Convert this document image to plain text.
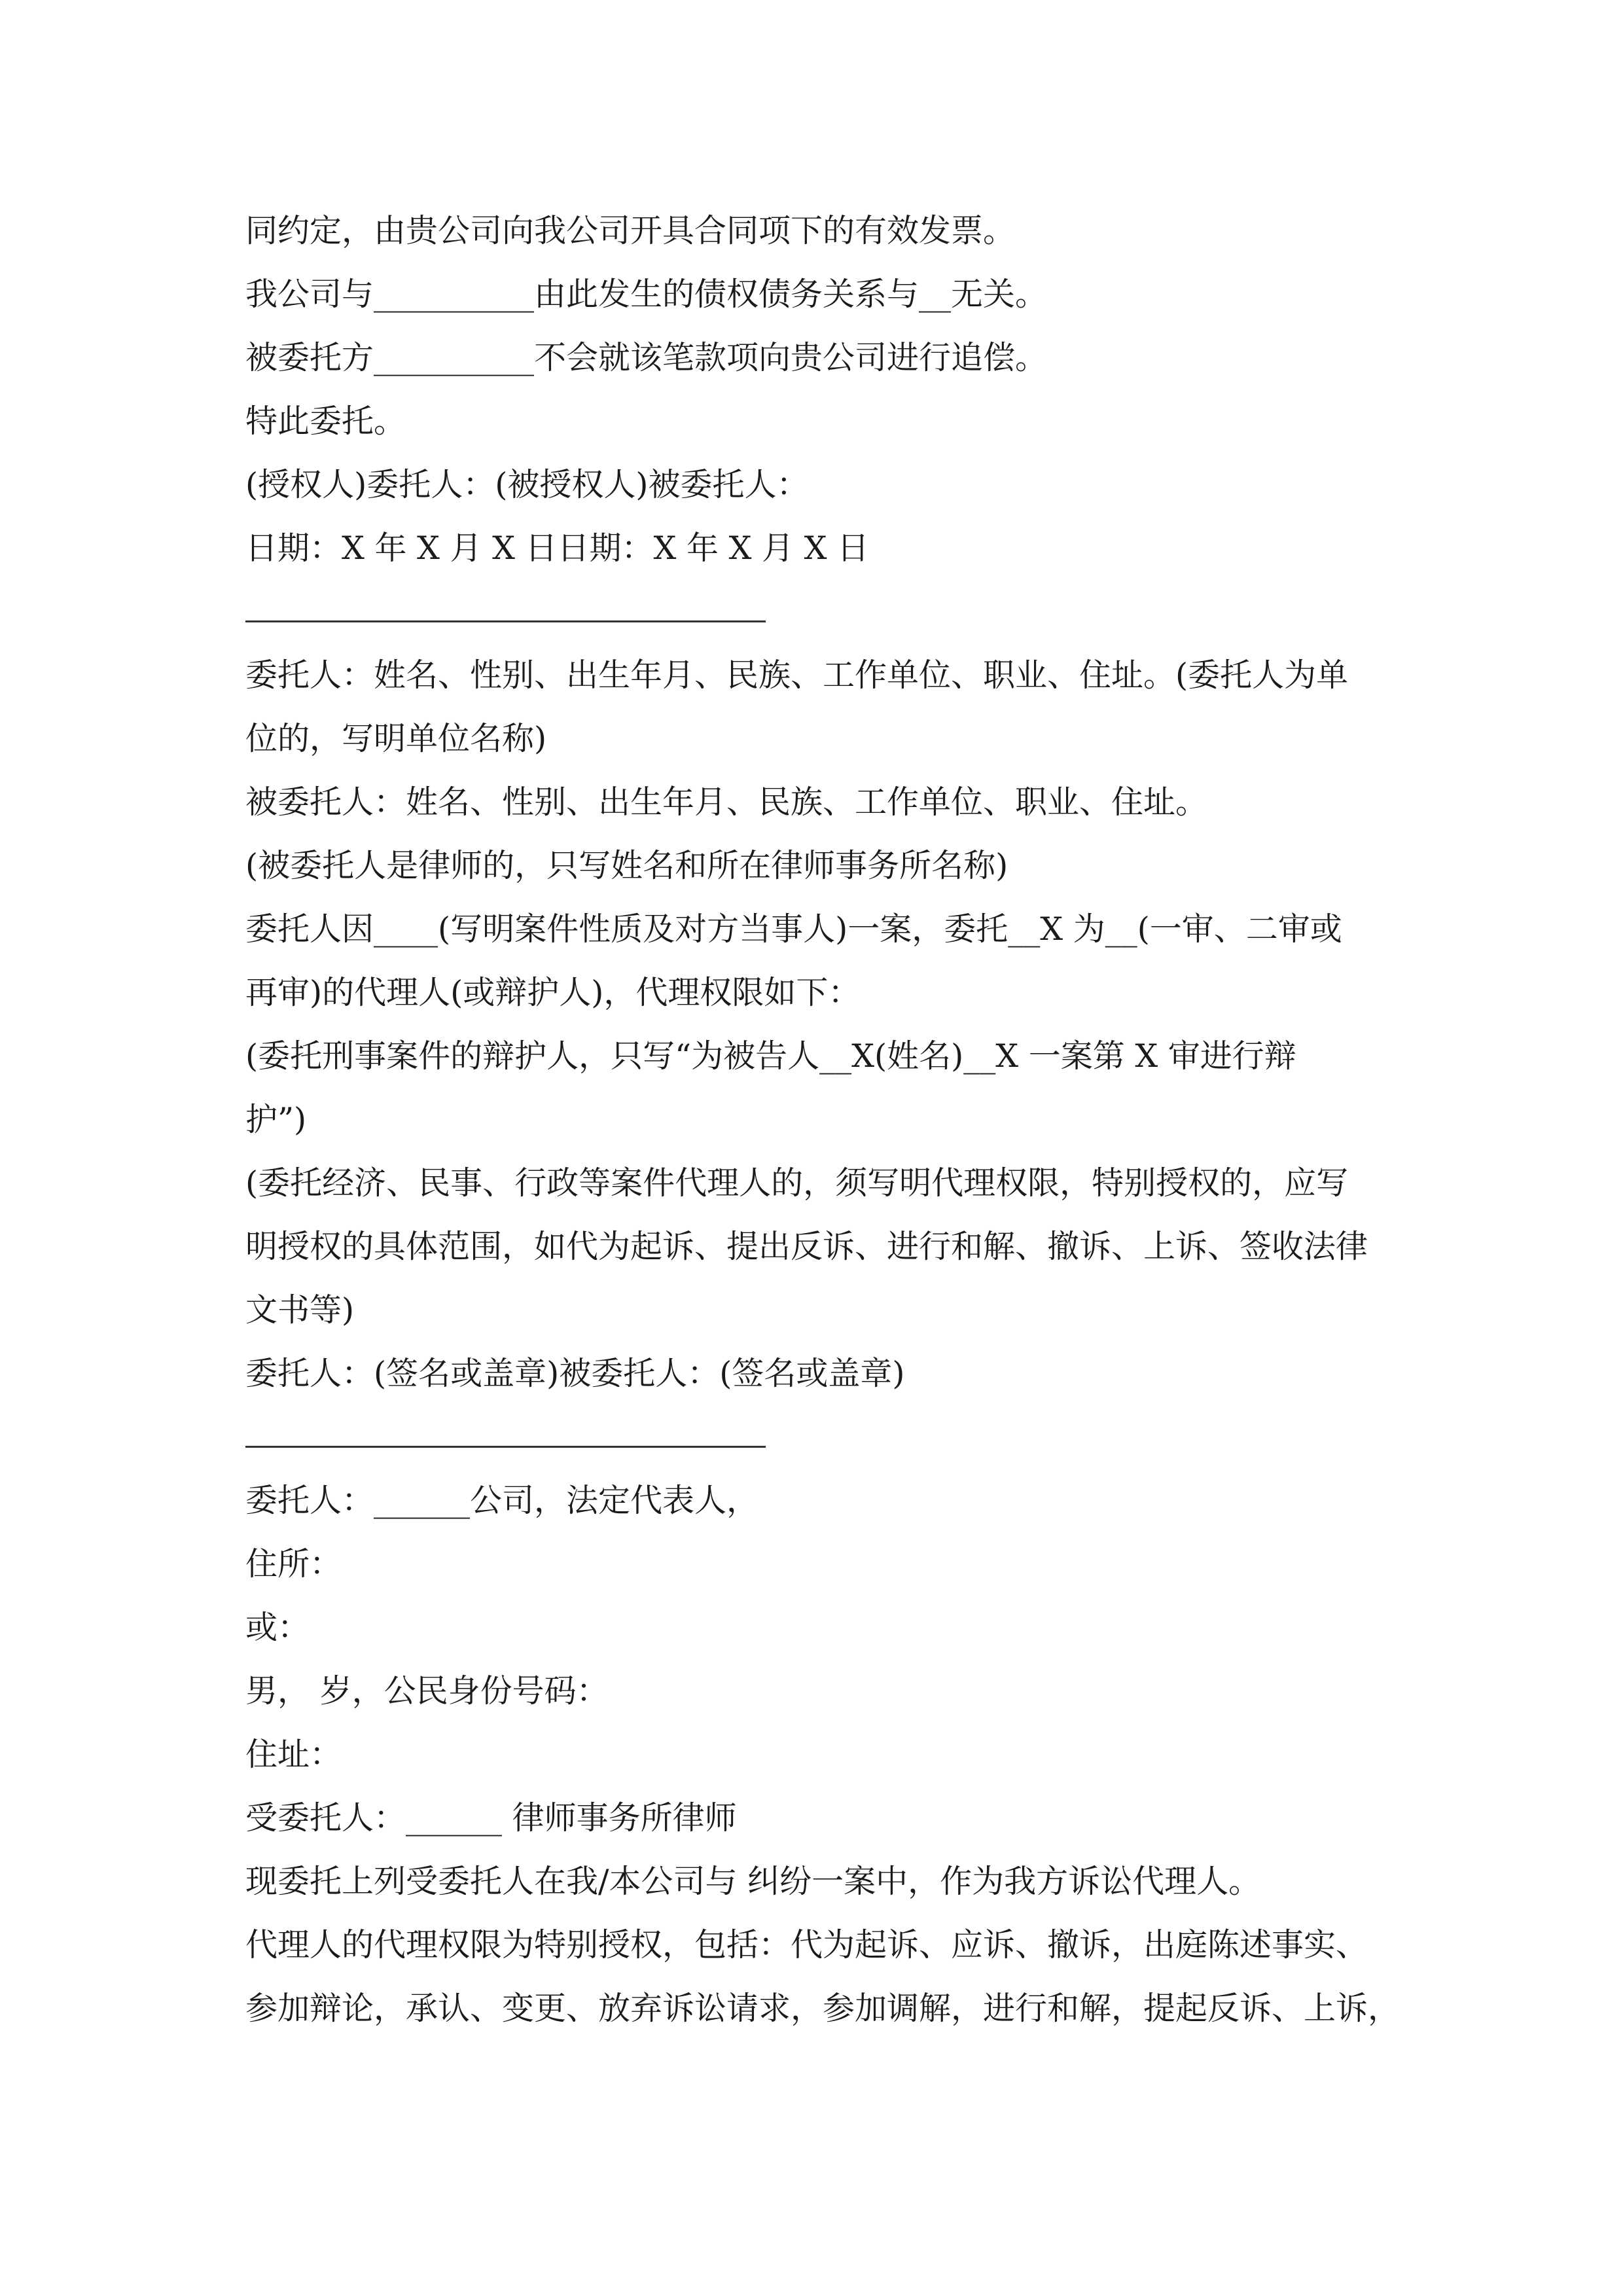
同约定，由贵公司向我公司开具合同项下的有效发票。
我公司与__________由此发生的债权债务关系与__无关。
被委托方__________不会就该笔款项向贵公司进行追偿。
特此委托。
(授权人)委托人：(被授权人)被委托人：
日期：X 年 X 月 X 日日期：X 年 X 月 X 日
委托人：姓名、性别、出生年月、民族、工作单位、职业、住址。(委托人为单
位的，写明单位名称)
被委托人：姓名、性别、出生年月、民族、工作单位、职业、住址。
(被委托人是律师的，只写姓名和所在律师事务所名称)
委托人因____(写明案件性质及对方当事人)一案，委托__X 为__(一审、二审或
再审)的代理人(或辩护人)，代理权限如下：
(委托刑事案件的辩护人，只写“为被告人__X(姓名)__X 一案第 X 审进行辩
护”)
(委托经济、民事、行政等案件代理人的，须写明代理权限，特别授权的，应写
明授权的具体范围，如代为起诉、提出反诉、进行和解、撤诉、上诉、签收法律
文书等)
委托人：(签名或盖章)被委托人：(签名或盖章)
委托人：______公司，法定代表人，
住所：
或：
男， 岁，公民身份号码：
住址：
受委托人：______ 律师事务所律师
现委托上列受委托人在我/本公司与 纠纷一案中，作为我方诉讼代理人。
代理人的代理权限为特别授权，包括：代为起诉、应诉、撤诉，出庭陈述事实、
参加辩论，承认、变更、放弃诉讼请求，参加调解，进行和解，提起反诉、上诉，
